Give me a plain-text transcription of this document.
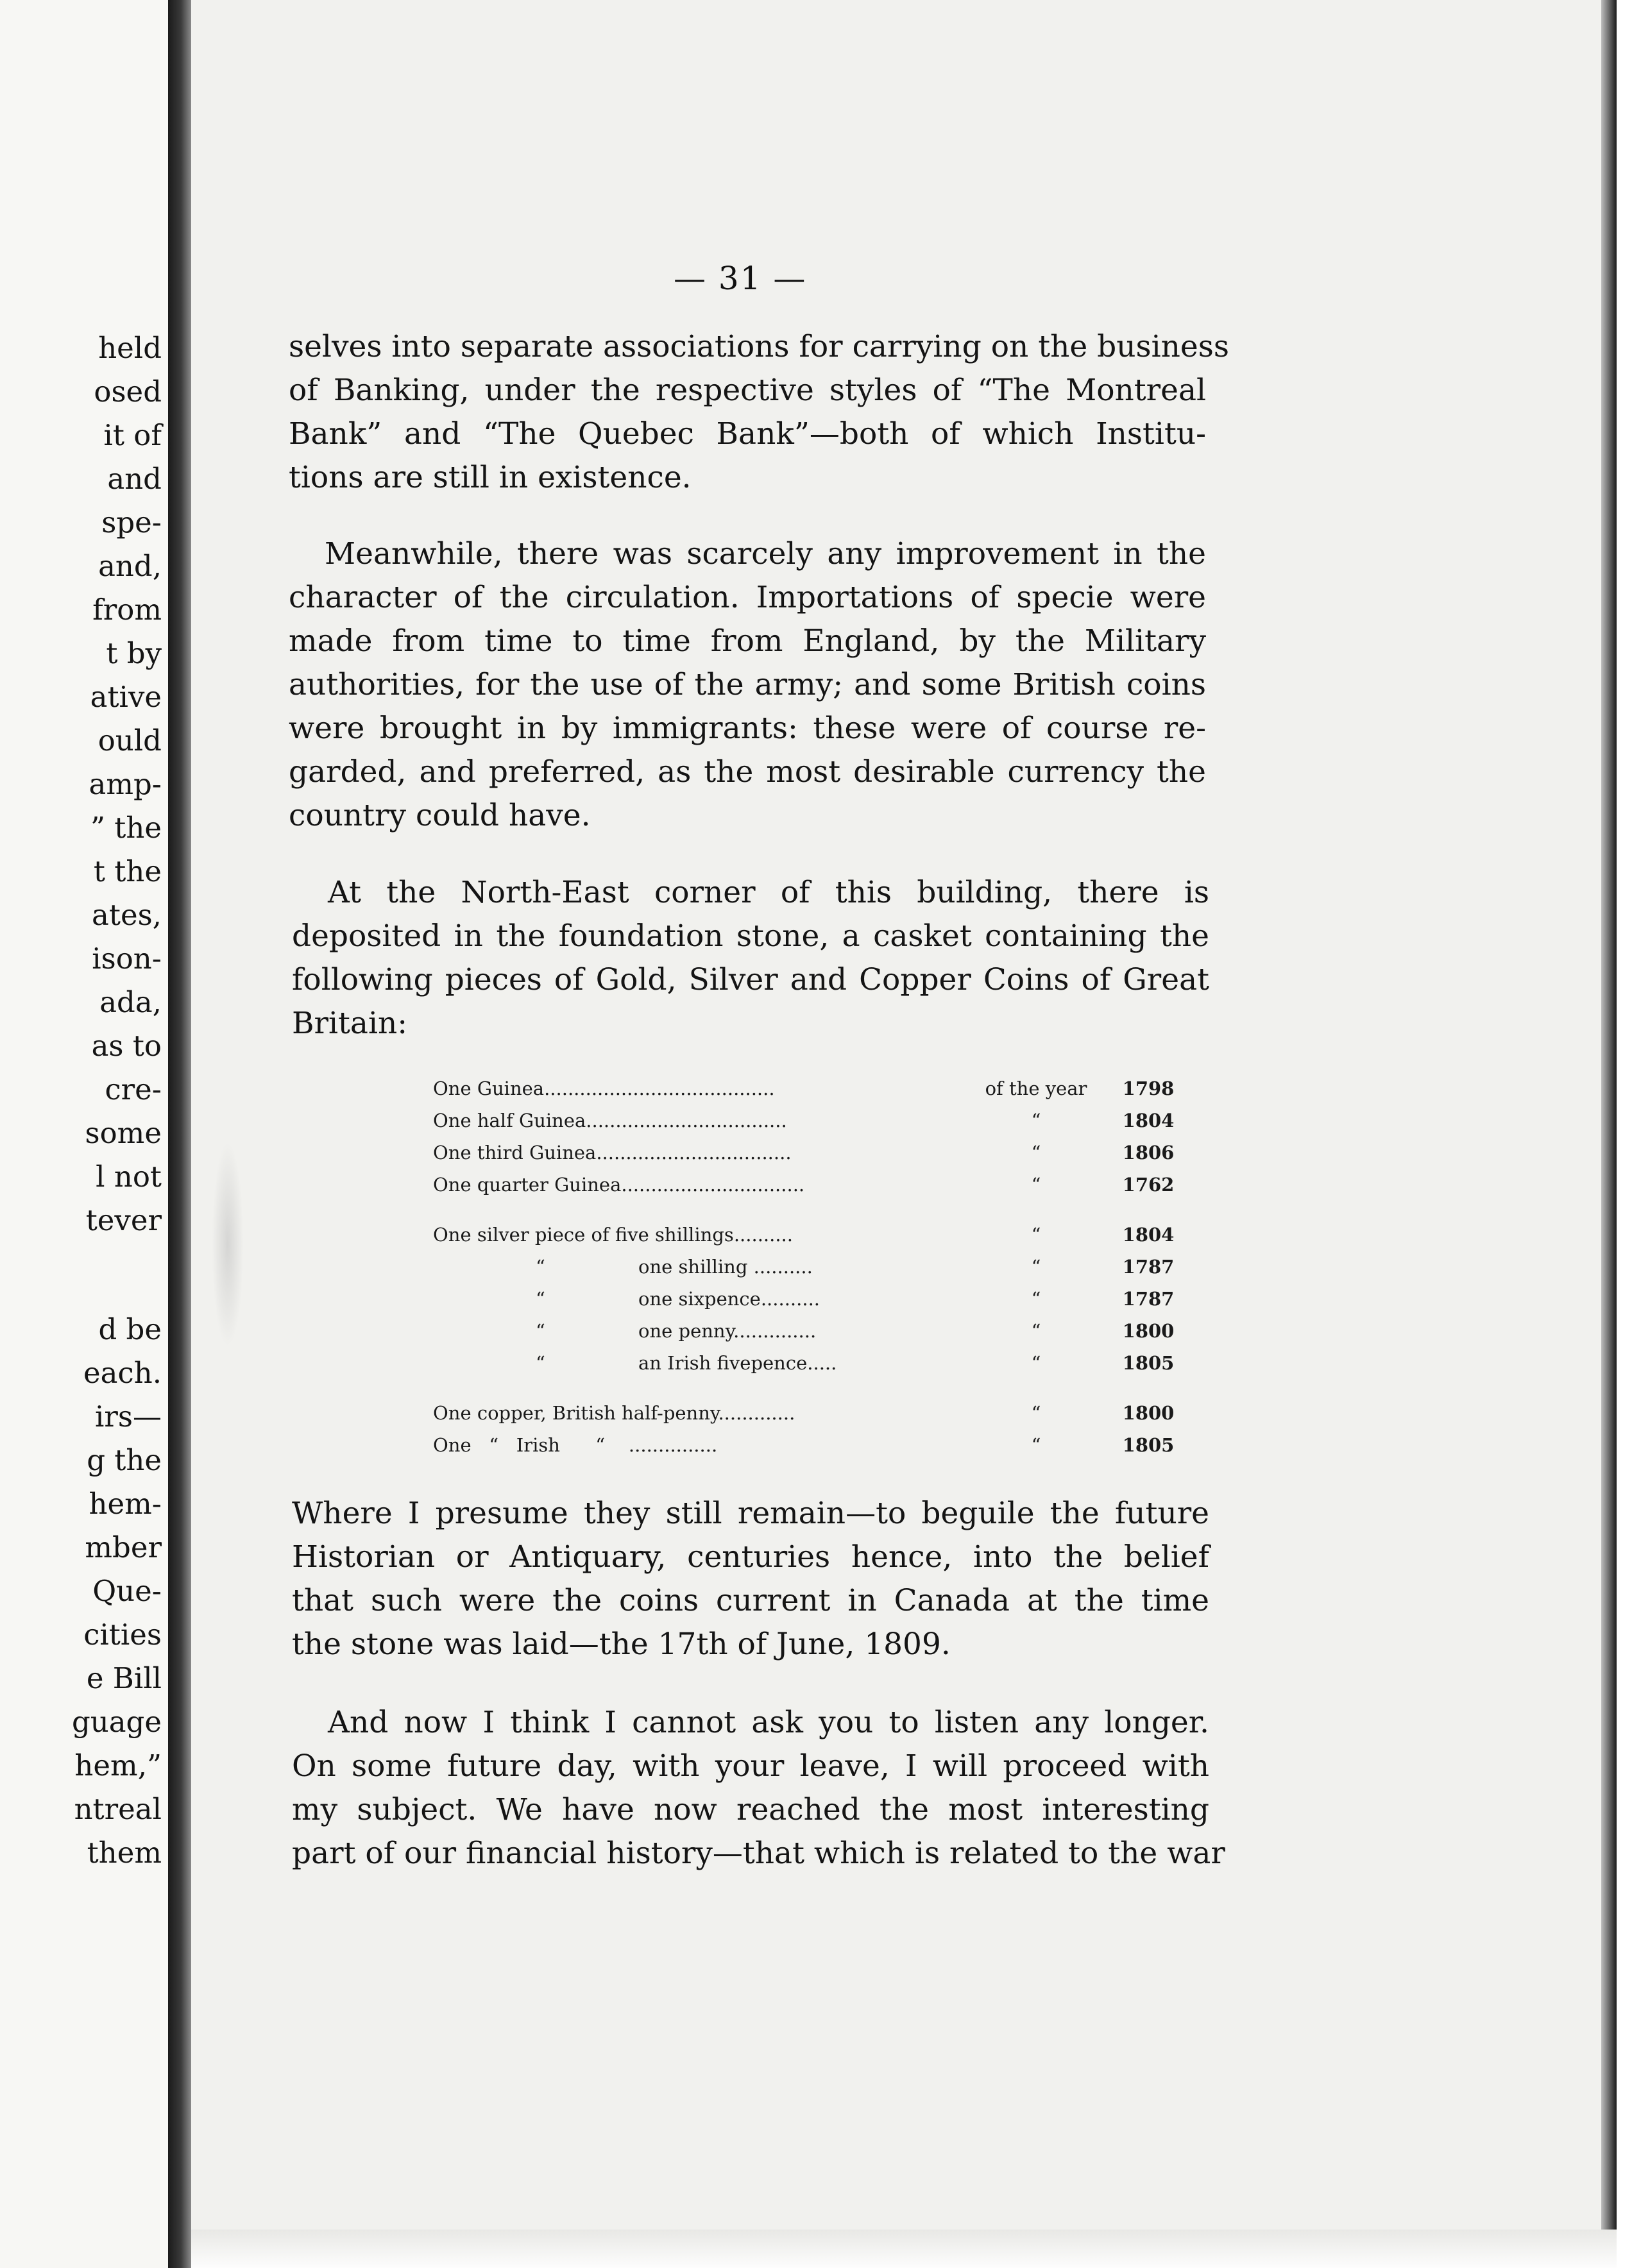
held
osed
it of
and
spe-
and,
from
t by
ative
ould
amp-
” the
t the
ates,
ison-
ada,
as to
cre-
some
l not
tever
d be
each.
irs—
g the
hem-
mber
Que-
cities
e Bill
guage
hem,”
ntreal
them
— 31 —
selves into separate associations for carrying on the business
of Banking, under the respective styles of “The Montreal
Bank” and “The Quebec Bank”—both of which Institu-
tions are still in existence.
Meanwhile, there was scarcely any improvement in the
character of the circulation. Importations of specie were
made from time to time from England, by the Military
authorities, for the use of the army; and some British coins
were brought in by immigrants: these were of course re-
garded, and preferred, as the most desirable currency the
country could have.
At the North-East corner of this building, there is
deposited in the foundation stone, a casket containing the
following pieces of Gold, Silver and Copper Coins of Great
Britain:
One Guinea.......................................	of the year	1798
One half Guinea..................................	“	1804
One third Guinea.................................	“	1806
One quarter Guinea...............................	“	1762

One silver piece of five shillings..........	“	1804
“ one shilling ..........	“	1787
“ one sixpence..........	“	1787
“ one penny..............	“	1800
“ an Irish fivepence.....	“	1805

One copper, British half-penny.............	“	1800
One   “   Irish      “    ...............	“	1805
Where I presume they still remain—to beguile the future
Historian or Antiquary, centuries hence, into the belief
that such were the coins current in Canada at the time
the stone was laid—the 17th of June, 1809.
And now I think I cannot ask you to listen any longer.
On some future day, with your leave, I will proceed with
my subject. We have now reached the most interesting
part of our financial history—that which is related to the war
